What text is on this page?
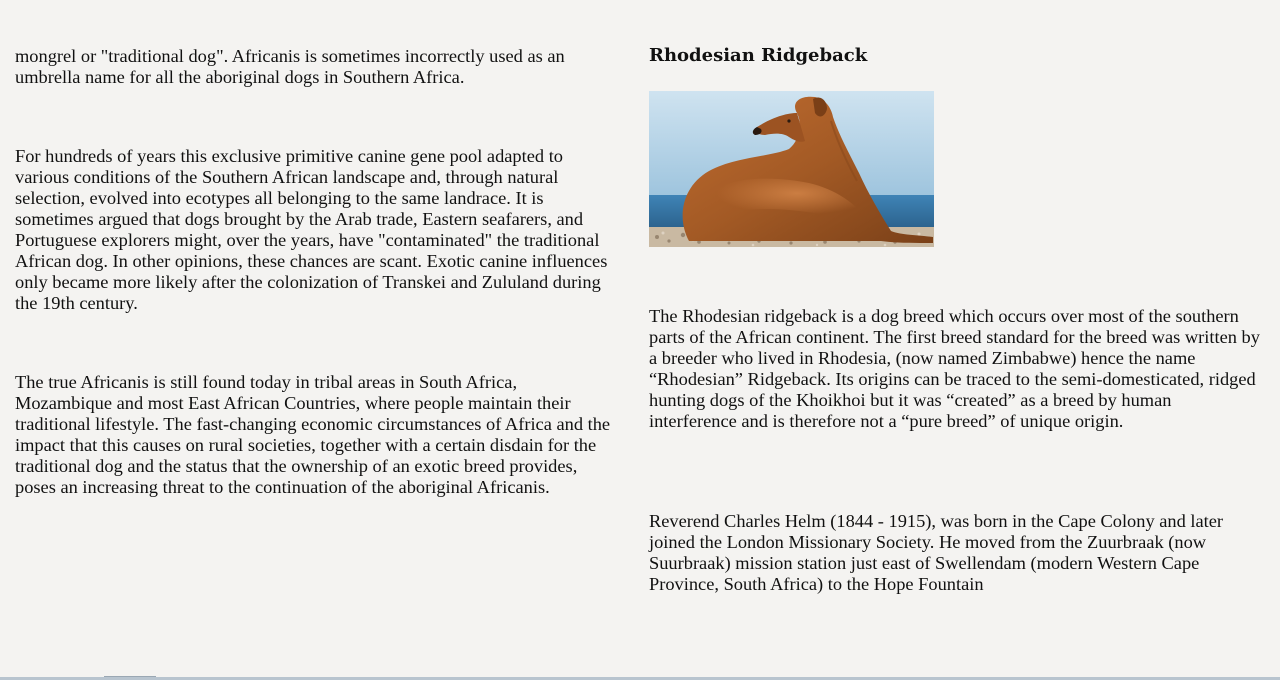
mongrel or "traditional dog". Africanis is sometimes incorrectly used as an umbrella name for all the aboriginal dogs in Southern Africa.

For hundreds of years this exclusive primitive canine gene pool adapted to various conditions of the Southern African landscape and, through natural selection, evolved into ecotypes all belonging to the same landrace. It is sometimes argued that dogs brought by the Arab trade, Eastern seafarers, and Portuguese explorers might, over the years, have "contaminated" the traditional African dog. In other opinions, these chances are scant. Exotic canine influences only became more likely after the colonization of Transkei and Zululand during the 19th century.

The true Africanis is still found today in tribal areas in South Africa, Mozambique and most East African Countries, where people maintain their traditional lifestyle. The fast-changing economic circumstances of Africa and the impact that this causes on rural societies, together with a certain disdain for the traditional dog and the status that the ownership of an exotic breed provides, poses an increasing threat to the continuation of the aboriginal Africanis.

Rhodesian Ridgeback

The Rhodesian ridgeback is a dog breed which occurs over most of the southern parts of the African continent. The first breed standard for the breed was written by a breeder who lived in Rhodesia, (now named Zimbabwe) hence the name “Rhodesian” Ridgeback. Its origins can be traced to the semi-domesticated, ridged hunting dogs of the Khoikhoi but it was “created” as a breed by human interference and is therefore not a “pure breed” of unique origin.

Reverend Charles Helm (1844 - 1915), was born in the Cape Colony and later joined the London Missionary Society. He moved from the Zuurbraak (now Suurbraak) mission station just east of Swellendam (modern Western Cape Province, South Africa) to the Hope Fountain
